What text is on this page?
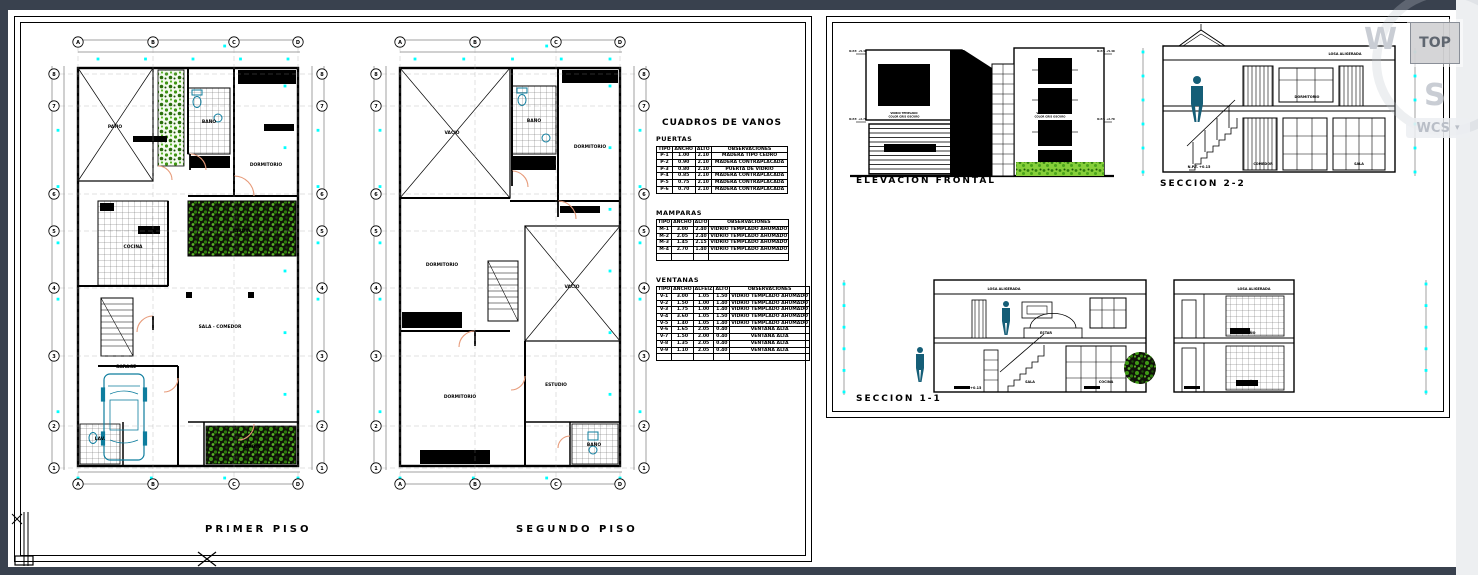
A	B	C	D
A	B	C	D
8
7
6
5
4
3
2
1
8
7
6
5
4
3
2
1
PATIO
BAÑO
DORMITORIO
JARDIN
COCINA
SALA - COMEDOR
GARAGE
JARDIN
LAV.
A	B	C	D
A	B	C	D
8
7
6
5
4
3
2
1
8
7
6
5
4
3
2
1
VACIO
BAÑO
DORMITORIO
DORMITORIO
VACIO
DORMITORIO
ESTUDIO
BAÑO
N.P.T. +5.40
N.P.T. +2.70
N.P.T. +5.40
N.P.T. +2.70
VIDRIO TEMPLADO
COLOR GRIS OSCURO
VIDRIO TEMPLADO
COLOR GRIS OSCURO
PUERTA LEVADIZA
LOSA ALIGERADA
DORMITORIO
COMEDOR	SALA
N.P.T. +0.15
LOSA ALIGERADA	LOSA ALIGERADA
ESTAR
SALA	COCINA
BAÑO
BAÑO
N.P.T. +0.15
CUADROS DE VANOS
PUERTAS
TIPO	ANCHO	ALTO	OBSERVACIONES
P-1	1.00	2.10	MADERA TIPO CEDRO
P-2	0.90	2.10	MADERA CONTRAPLACADA
P-3	0.80	2.10	PUERTA DE VIDRIO
P-4	0.85	2.10	MADERA CONTRAPLACADA
P-5	0.75	2.10	MADERA CONTRAPLACADA
P-6	0.70	2.10	MADERA CONTRAPLACADA
MAMPARAS
TIPO	ANCHO	ALTO	OBSERVACIONES
M-1	3.00	2.40	VIDRIO TEMPLADO AHUMADO
M-2	2.05	2.40	VIDRIO TEMPLADO AHUMADO
M-3	1.45	2.15	VIDRIO TEMPLADO AHUMADO
M-4	2.70	1.40	VIDRIO TEMPLADO AHUMADO

VENTANAS
TIPO	ANCHO	ALFEIZ	ALTO	OBSERVACIONES
V-1	3.00	1.05	1.50	VIDRIO TEMPLADO AHUMADO
V-2	1.50	1.00	1.40	VIDRIO TEMPLADO AHUMADO
V-3	1.75	1.00	1.40	VIDRIO TEMPLADO AHUMADO
V-4	3.60	1.05	1.50	VIDRIO TEMPLADO AHUMADO
V-5	1.40	1.05	1.40	VIDRIO TEMPLADO AHUMADO
V-6	1.65	2.05	0.40	VENTANA ALTA
V-7	1.50	2.00	0.40	VENTANA ALTA
V-8	1.35	2.05	0.40	VENTANA ALTA
V-9	1.10	2.05	0.40	VENTANA ALTA

PRIMER PISO	SEGUNDO PISO
ELEVACION FRONTAL	SECCION 2-2
SECCION 1-1
TOP
W
S
WCS ▾
